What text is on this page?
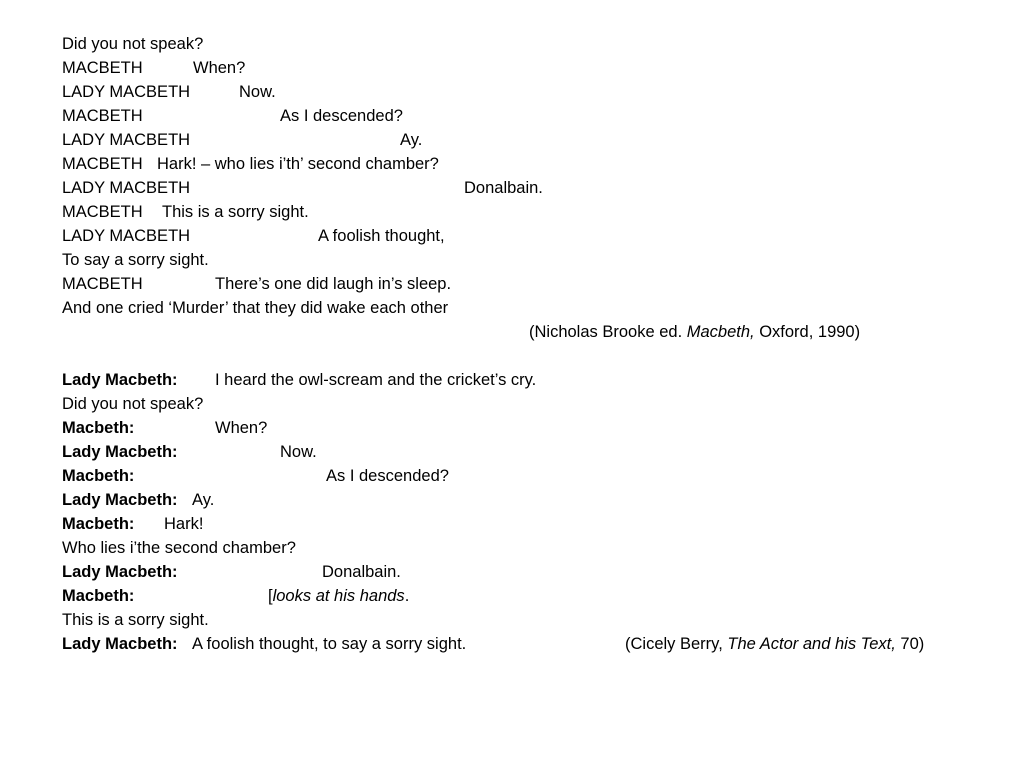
Did you not speak?
MACBETH	When?
LADY MACBETH	Now.
MACBETH	As I descended?
LADY MACBETH	Ay.
MACBETH Hark! – who lies i’th’ second chamber?
LADY MACBETH	Donalbain.
MACBETH This is a sorry sight.
LADY MACBETH	A foolish thought,
To say a sorry sight.
MACBETH	There’s one did laugh in’s sleep.
And one cried ‘Murder’ that they did wake each other
(Nicholas Brooke ed. Macbeth, Oxford, 1990)
Lady Macbeth: I heard the owl-scream and the cricket’s cry.
Did you not speak?
Macbeth:	When?
Lady Macbeth:	Now.
Macbeth:	As I descended?
Lady Macbeth: Ay.
Macbeth: Hark!
Who lies i’the second chamber?
Lady Macbeth:	Donalbain.
Macbeth:	[looks at his hands.
This is a sorry sight.
Lady Macbeth: A foolish thought, to say a sorry sight.	(Cicely Berry, The Actor and his Text, 70)
